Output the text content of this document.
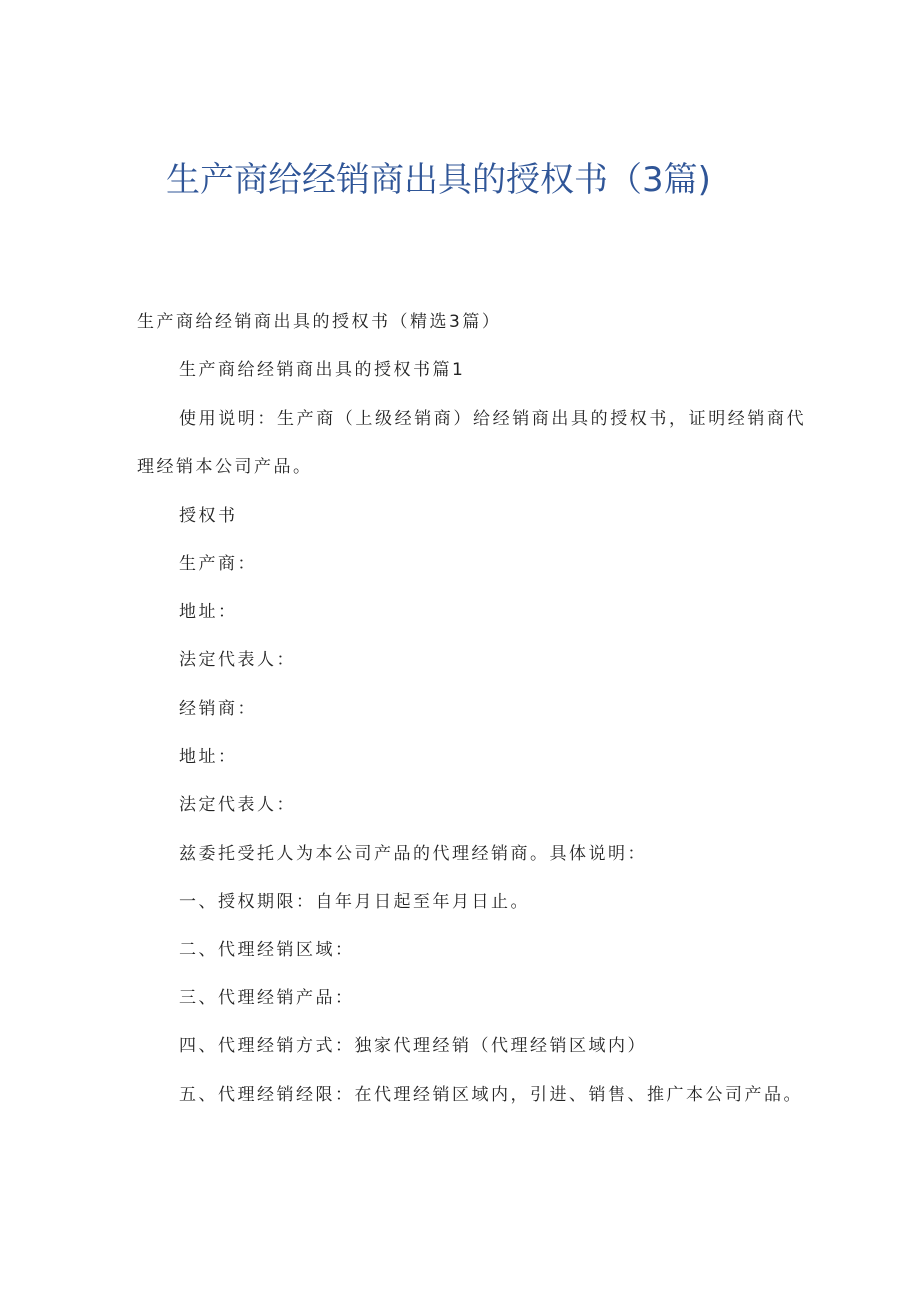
生产商给经销商出具的授权书（3篇)
生产商给经销商出具的授权书（精选3篇）
生产商给经销商出具的授权书篇1
使用说明：生产商（上级经销商）给经销商出具的授权书，证明经销商代
理经销本公司产品。
授权书
生产商：
地址：
法定代表人：
经销商：
地址：
法定代表人：
兹委托受托人为本公司产品的代理经销商。具体说明：
一、授权期限：自年月日起至年月日止。
二、代理经销区域：
三、代理经销产品：
四、代理经销方式：独家代理经销（代理经销区域内）
五、代理经销经限：在代理经销区域内，引进、销售、推广本公司产品。
